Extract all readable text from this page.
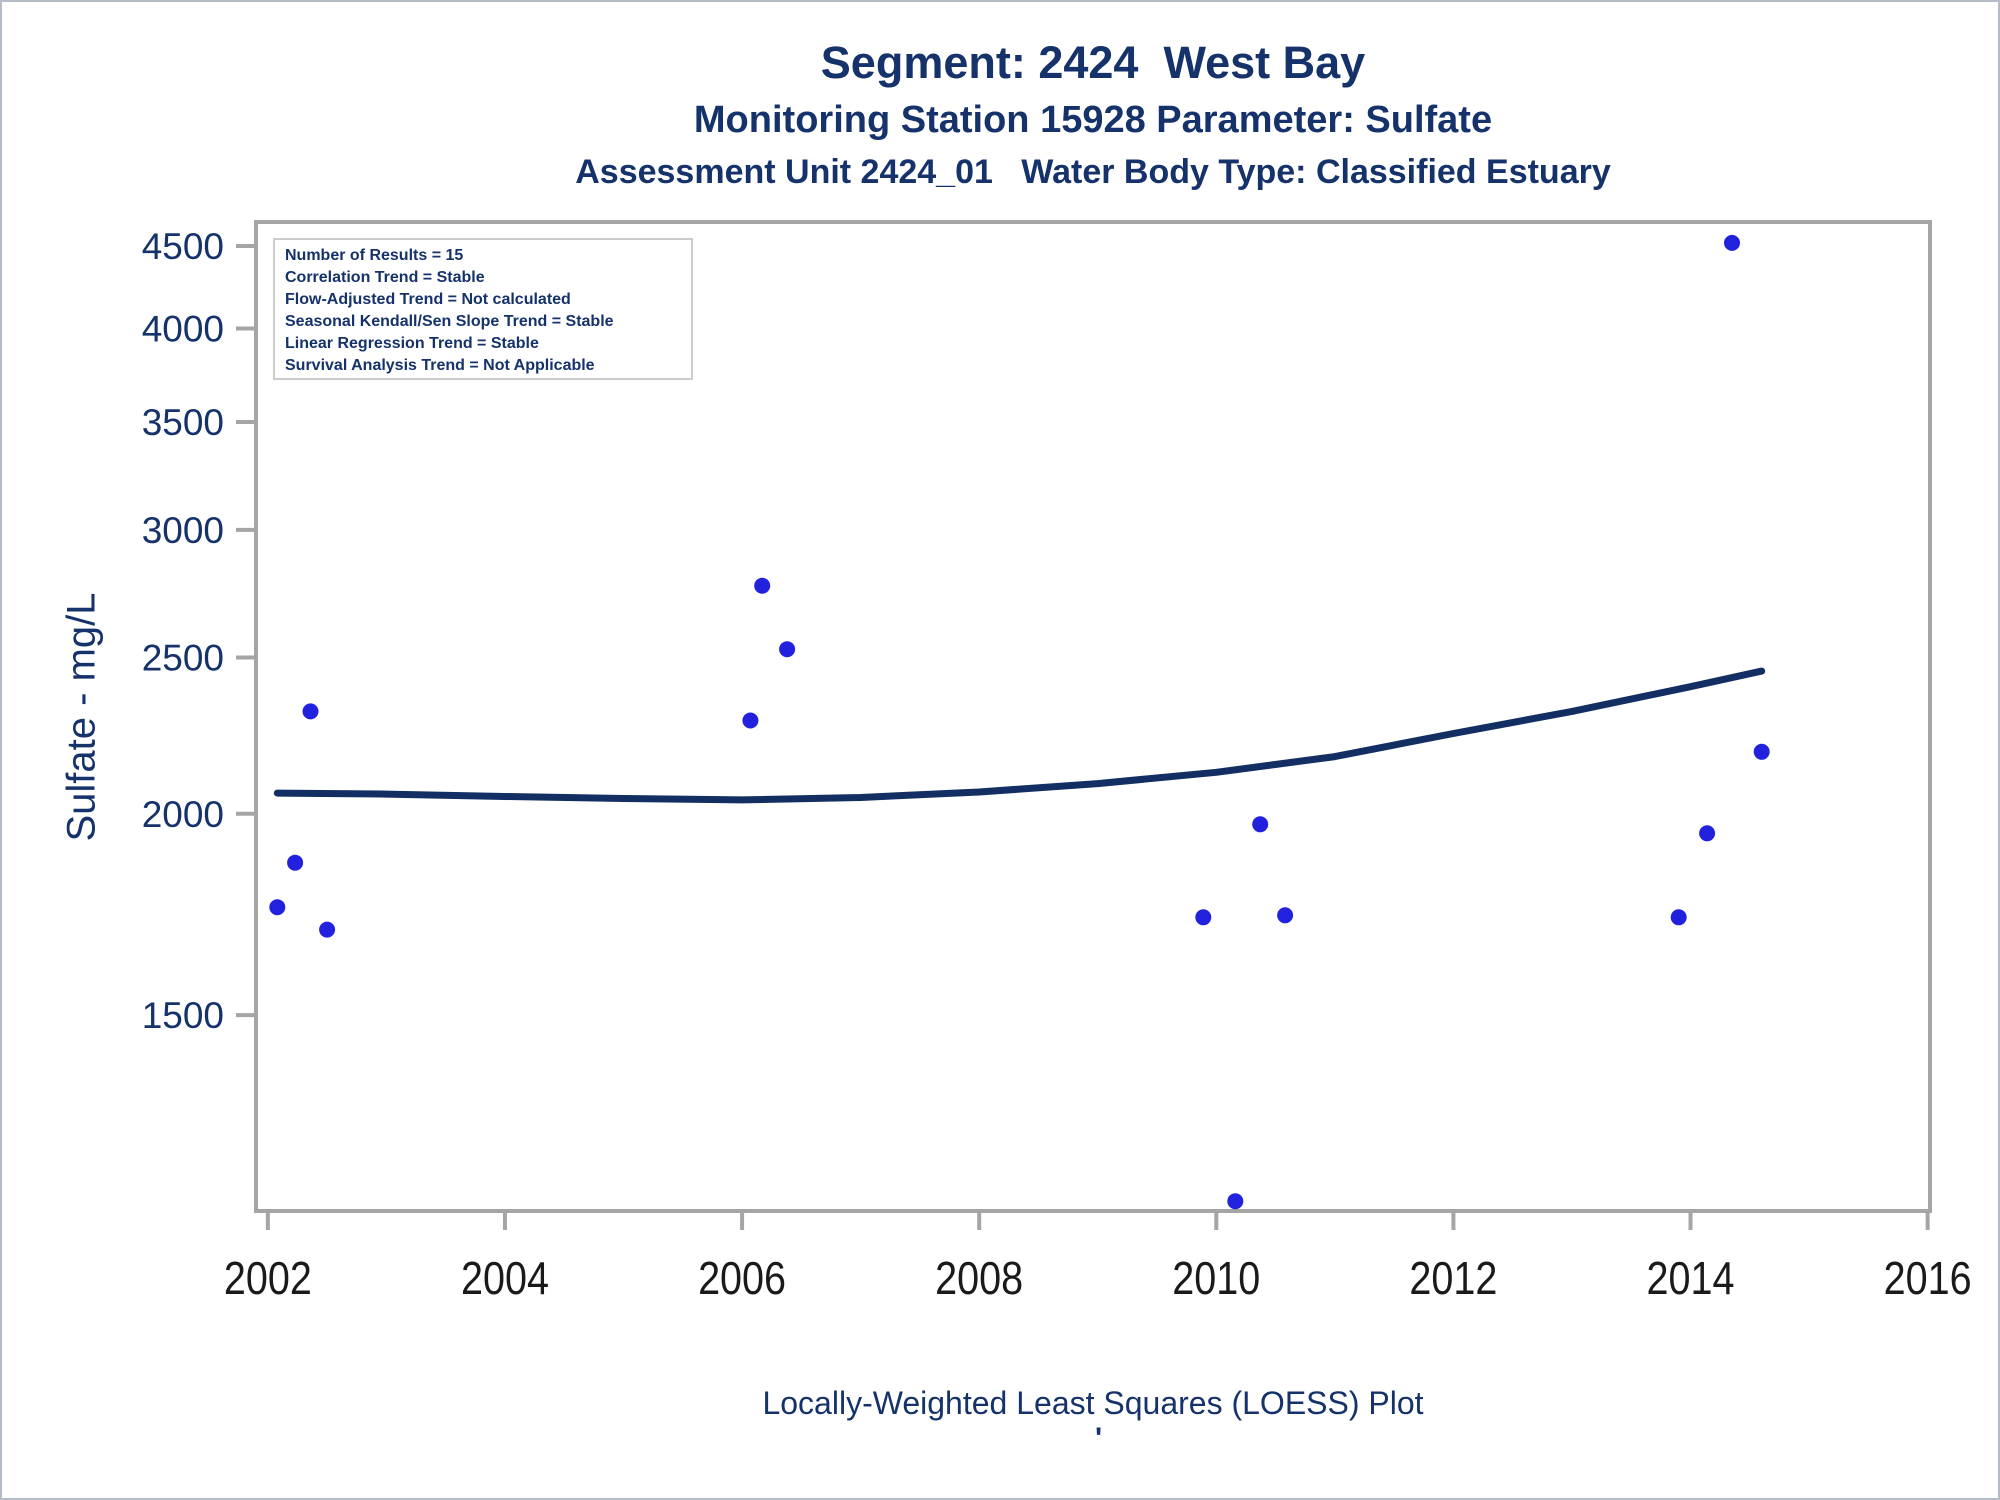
Segment: 2424  West Bay
Monitoring Station 15928 Parameter: Sulfate
Assessment Unit 2424_01   Water Body Type: Classified Estuary
Number of Results = 15
Correlation Trend = Stable
Flow-Adjusted Trend = Not calculated
Seasonal Kendall/Sen Slope Trend = Stable
Linear Regression Trend = Stable
Survival Analysis Trend = Not Applicable
Sulfate - mg/L
1500
2000
2500
3000
3500
4000
4500
2002	2004	2006	2008	2010	2012	2014	2016
Locally-Weighted Least Squares (LOESS) Plot
'
